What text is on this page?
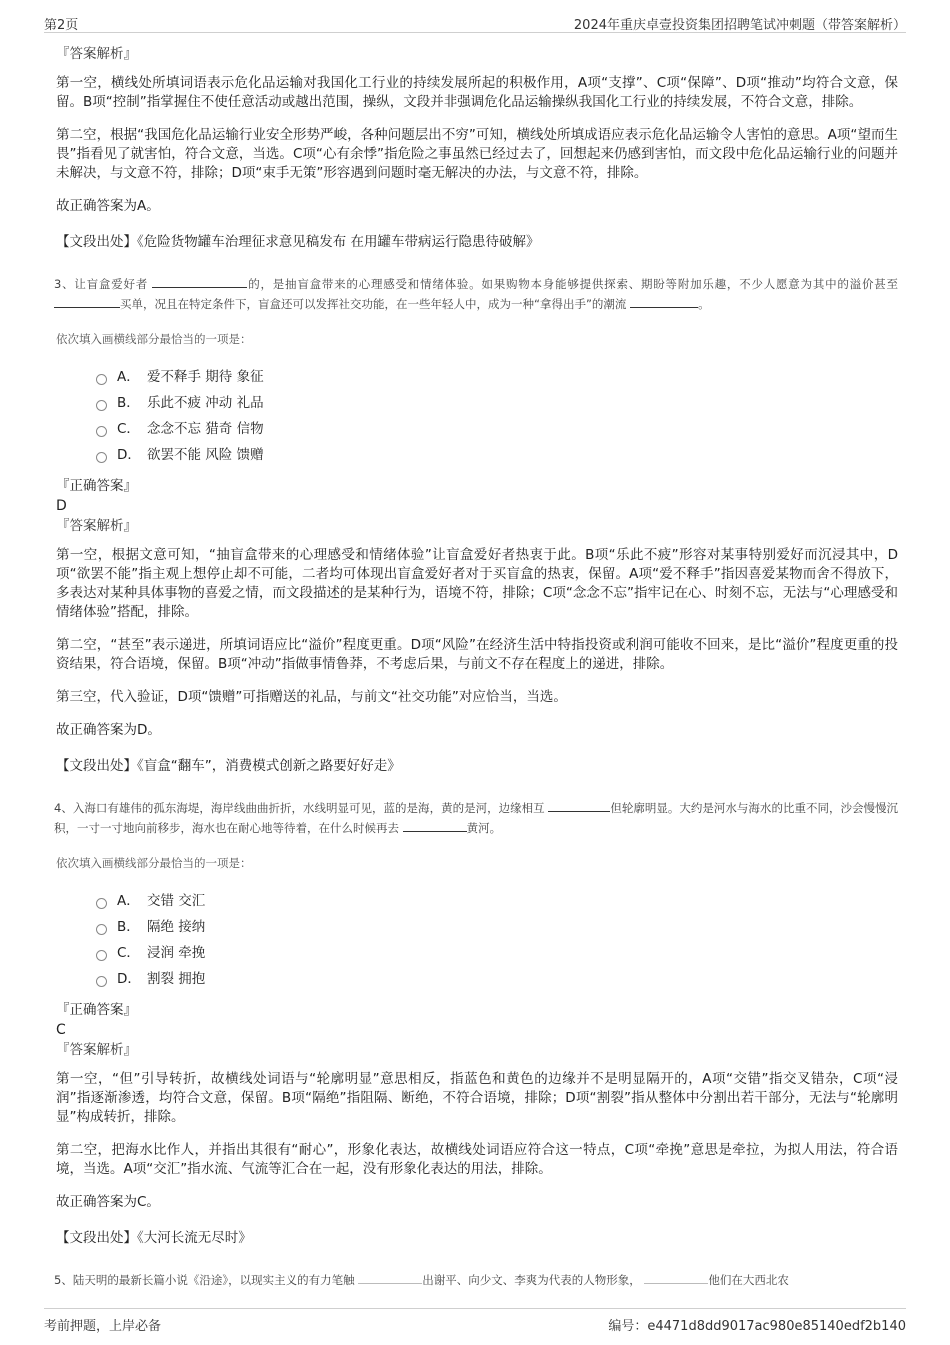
第2页	2024年重庆卓壹投资集团招聘笔试冲刺题（带答案解析）

『答案解析』

第一空，横线处所填词语表示危化品运输对我国化工行业的持续发展所起的积极作用，A项“支撑”、C项“保障”、D项“推动”均符合文意，保留。B项“控制”指掌握住不使任意活动或越出范围，操纵，文段并非强调危化品运输操纵我国化工行业的持续发展，不符合文意，排除。

第二空，根据“我国危化品运输行业安全形势严峻，各种问题层出不穷”可知，横线处所填成语应表示危化品运输令人害怕的意思。A项“望而生畏”指看见了就害怕，符合文意，当选。C项“心有余悸”指危险之事虽然已经过去了，回想起来仍感到害怕，而文段中危化品运输行业的问题并未解决，与文意不符，排除；D项“束手无策”形容遇到问题时毫无解决的办法，与文意不符，排除。

故正确答案为A。

【文段出处】《危险货物罐车治理征求意见稿发布 在用罐车带病运行隐患待破解》

3、让盲盒爱好者	的，是抽盲盒带来的心理感受和情绪体验。如果购物本身能够提供探索、期盼等附加乐趣，不少人愿意为其中的溢价甚至 买单，况且在特定条件下，盲盒还可以发挥社交功能，在一些年轻人中，成为一种“拿得出手”的潮流	。

依次填入画横线部分最恰当的一项是：

A． 爱不释手 期待 象征
B． 乐此不疲 冲动 礼品
C． 念念不忘 猎奇 信物
D． 欲罢不能 风险 馈赠

『正确答案』

D

『答案解析』

第一空，根据文意可知，“抽盲盒带来的心理感受和情绪体验”让盲盒爱好者热衷于此。B项“乐此不疲”形容对某事特别爱好而沉浸其中，D项“欲罢不能”指主观上想停止却不可能，二者均可体现出盲盒爱好者对于买盲盒的热衷，保留。A项“爱不释手”指因喜爱某物而舍不得放下，多表达对某种具体事物的喜爱之情，而文段描述的是某种行为，语境不符，排除；C项“念念不忘”指牢记在心、时刻不忘，无法与“心理感受和情绪体验”搭配，排除。

第二空，“甚至”表示递进，所填词语应比“溢价”程度更重。D项“风险”在经济生活中特指投资或利润可能收不回来，是比“溢价”程度更重的投资结果，符合语境，保留。B项“冲动”指做事情鲁莽，不考虑后果，与前文不存在程度上的递进，排除。

第三空，代入验证，D项“馈赠”可指赠送的礼品，与前文“社交功能”对应恰当，当选。

故正确答案为D。

【文段出处】《盲盒“翻车”，消费模式创新之路要好好走》

4、入海口有雄伟的孤东海堤，海岸线曲曲折折，水线明显可见，蓝的是海，黄的是河，边缘相互	但轮廓明显。大约是河水与海水的比重不同，沙会慢慢沉积，一寸一寸地向前移步，海水也在耐心地等待着，在什么时候再去	黄河。

依次填入画横线部分最恰当的一项是：

A． 交错 交汇
B． 隔绝 接纳
C． 浸润 牵挽
D． 割裂 拥抱

『正确答案』

C

『答案解析』

第一空，“但”引导转折，故横线处词语与“轮廓明显”意思相反，指蓝色和黄色的边缘并不是明显隔开的，A项“交错”指交叉错杂，C项“浸润”指逐渐渗透，均符合文意，保留。B项“隔绝”指阻隔、断绝，不符合语境，排除；D项“割裂”指从整体中分割出若干部分，无法与“轮廓明显”构成转折，排除。

第二空，把海水比作人，并指出其很有“耐心”，形象化表达，故横线处词语应符合这一特点，C项“牵挽”意思是牵拉，为拟人用法，符合语境，当选。A项“交汇”指水流、气流等汇合在一起，没有形象化表达的用法，排除。

故正确答案为C。

【文段出处】《大河长流无尽时》

5、陆天明的最新长篇小说《沿途》，以现实主义的有力笔触	出谢平、向少文、李爽为代表的人物形象，	他们在大西北农

考前押题，上岸必备	编号：e4471d8dd9017ac980e85140edf2b140
